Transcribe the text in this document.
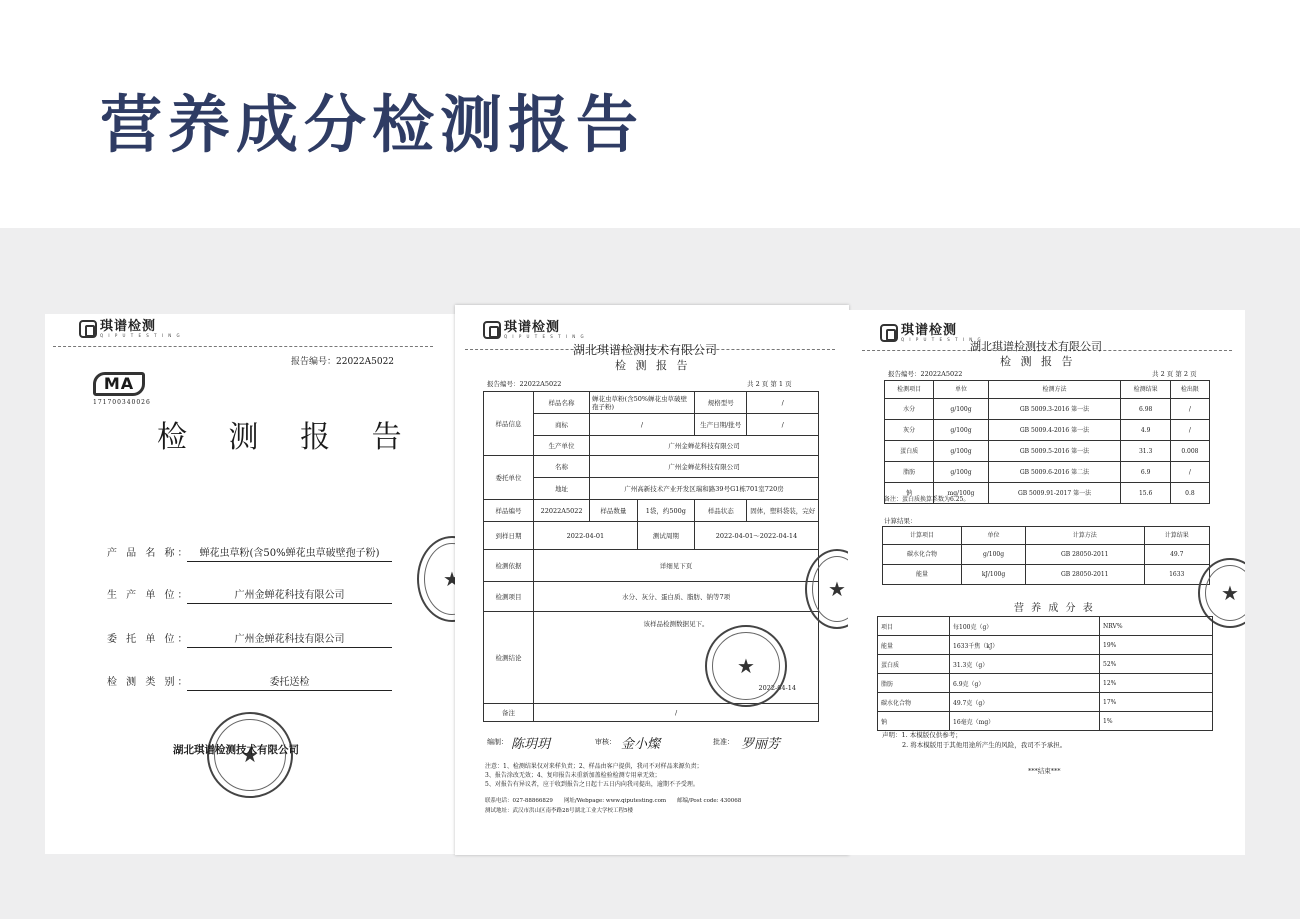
营养成分检测报告
琪谱检测
Q I P U T E S T I N G
报告编号：22022A5022
MA
171700340026
检 测 报 告
产 品 名 称： 蝉花虫草粉(含50%蝉花虫草破壁孢子粉)
生 产 单 位：	广州金蝉花科技有限公司
委 托 单 位：	广州金蝉花科技有限公司
检 测 类 别：	委托送检
★
湖北琪谱检测技术有限公司
★
琪谱检测
Q I P U T E S T I N G
湖北琪谱检测技术有限公司
检 测 报 告
报告编号：22022A5022	共 2 页 第 1 页
样品信息	样品名称	蝉花虫草粉(含50%蝉花虫草破壁孢子粉)		规格型号	/
	商标	/		生产日期/批号	/
	生产单位	广州金蝉花科技有限公司			
委托单位	名称	广州金蝉花科技有限公司			
	地址	广州高新技术产业开发区瑞和路39号G1栋701室720房			
样品编号	22022A5022	样品数量	1袋，约500g	样品状态	固体，塑料袋装，完好
到样日期	2022-04-01		测试周期	2022-04-01～2022-04-14	
检测依据	详细见下页				
检测项目	水分、灰分、蛋白质、脂肪、钠等7项				
检测结论	该样品检测数据见下。
2022-04-14				

备注	/				
★
★
编制： 陈玥玥	审核： 金小燦	批准： 罗丽芳
注意：1、检测结果仅对来样负责；2、样品由客户提供，我司不对样品来源负责；
3、报告涂改无效；4、复印报告未重新加盖检验检测专用章无效；
5、对报告有异议者，应于收到报告之日起十五日内向我司提出，逾期不予受理。
联系电话：027-88866829　　网址/Webpage: www.qiputesting.com　　邮编/Post code: 430068
测试地址：武汉市洪山区南李路28号湖北工业大学校工程5楼
琪谱检测
Q I P U T E S T I N G
湖北琪谱检测技术有限公司
检 测 报 告
报告编号：22022A5022	共 2 页 第 2 页
检测项目	单位	检测方法	检测结果	检出限
水分	g/100g	GB 5009.3-2016 第一法	6.98	/
灰分	g/100g	GB 5009.4-2016 第一法	4.9	/
蛋白质	g/100g	GB 5009.5-2016 第一法	31.3	0.008
脂肪	g/100g	GB 5009.6-2016 第二法	6.9	/
钠	mg/100g	GB 5009.91-2017 第一法	15.6	0.8
备注：蛋白质换算系数为6.25。
计算结果：
计算项目	单位	计算方法	计算结果
碳水化合物	g/100g	GB 28050-2011	49.7
能量	kJ/100g	GB 28050-2011	1633
★
营 养 成 分 表
项目	每100克（g）	NRV%
能量	1633千焦（kJ）	19%
蛋白质	31.3克（g）	52%
脂肪	6.9克（g）	12%
碳水化合物	49.7克（g）	17%
钠	16毫克（mg）	1%
声明：1. 本模版仅供参考；
2. 将本模版用于其他用途所产生的风险，我司不予承担。
***结束***
